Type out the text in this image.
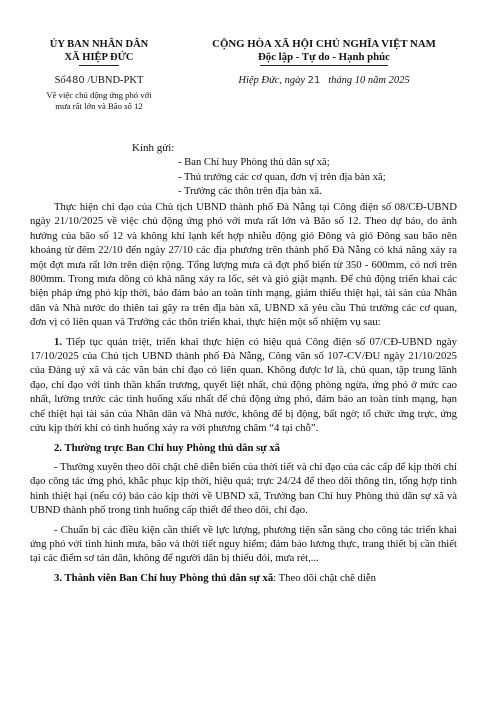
ỦY BAN NHÂN DÂN
XÃ HIỆP ĐỨC
Số480 /UBND-PKT
Về việc chủ động ứng phó với
mưa rất lớn và Bão số 12
CỘNG HÒA XÃ HỘI CHỦ NGHĨA VIỆT NAM
Độc lập - Tự do - Hạnh phúc
Hiệp Đức, ngày 21 tháng 10 năm 2025
Kính gửi:
- Ban Chỉ huy Phòng thủ dân sự xã;
- Thủ trưởng các cơ quan, đơn vị trên địa bàn xã;
- Trưởng các thôn trên địa bàn xã.

Thực hiện chỉ đạo của Chủ tịch UBND thành phố Đà Nẵng tại Công điện số 08/CĐ-UBND ngày 21/10/2025 về việc chủ động ứng phó với mưa rất lớn và Bão số 12. Theo dự báo, do ảnh hưởng của bão số 12 và không khí lạnh kết hợp nhiễu động gió Đông và gió Đông sau bão nên khoảng từ đêm 22/10 đến ngày 27/10 các địa phương trên thành phố Đà Nẵng có khả năng xảy ra một đợt mưa rất lớn trên diện rộng. Tổng lượng mưa cả đợt phổ biến từ 350 - 600mm, có nơi trên 800mm. Trong mưa dông có khả năng xảy ra lốc, sét và gió giật mạnh. Để chủ động triển khai các biện pháp ứng phó kịp thời, bảo đảm bảo an toàn tính mạng, giảm thiểu thiệt hại, tài sản của Nhân dân và Nhà nước do thiên tai gây ra trên địa bàn xã, UBND xã yêu cầu Thủ trưởng các cơ quan, đơn vị có liên quan và Trưởng các thôn triển khai, thực hiện một số nhiệm vụ sau:

1. Tiếp tục quán triệt, triển khai thực hiện có hiệu quả Công điện số 07/CĐ-UBND ngày 17/10/2025 của Chủ tịch UBND thành phố Đà Nẵng, Công văn số 107-CV/ĐU ngày 21/10/2025 của Đảng uỷ xã và các văn bản chỉ đạo có liên quan. Không được lơ là, chủ quan, tập trung lãnh đạo, chỉ đạo với tinh thần khẩn trương, quyết liệt nhất, chủ động phòng ngừa, ứng phó ở mức cao nhất, lường trước các tình huống xấu nhất để chủ động ứng phó, đảm bảo an toàn tính mạng, hạn chế thiệt hại tài sản của Nhân dân và Nhà nước, không để bị động, bất ngờ; tổ chức ứng trực, ứng cứu kịp thời khi có tình huống xảy ra với phương châm “4 tại chỗ”.

2. Thường trực Ban Chỉ huy Phòng thủ dân sự xã

- Thường xuyên theo dõi chặt chẽ diễn biến của thời tiết và chỉ đạo của các cấp để kịp thời chỉ đạo công tác ứng phó, khắc phục kịp thời, hiệu quả; trực 24/24 để theo dõi thông tin, tổng hợp tình hình thiệt hại (nếu có) báo cáo kịp thời về UBND xã, Trưởng ban Chỉ huy Phòng thủ dân sự xã và UBND thành phố trong tình huống cấp thiết để theo dõi, chỉ đạo.

- Chuẩn bị các điều kiện cần thiết về lực lượng, phương tiện sẵn sàng cho công tác triển khai ứng phó với tình hình mưa, bão và thời tiết nguy hiểm; đảm bảo lương thực, trang thiết bị cần thiết tại các điểm sơ tán dân, không để người dân bị thiếu đói, mưa rét,...

3. Thành viên Ban Chỉ huy Phòng thủ dân sự xã: Theo dõi chặt chẽ diễn
